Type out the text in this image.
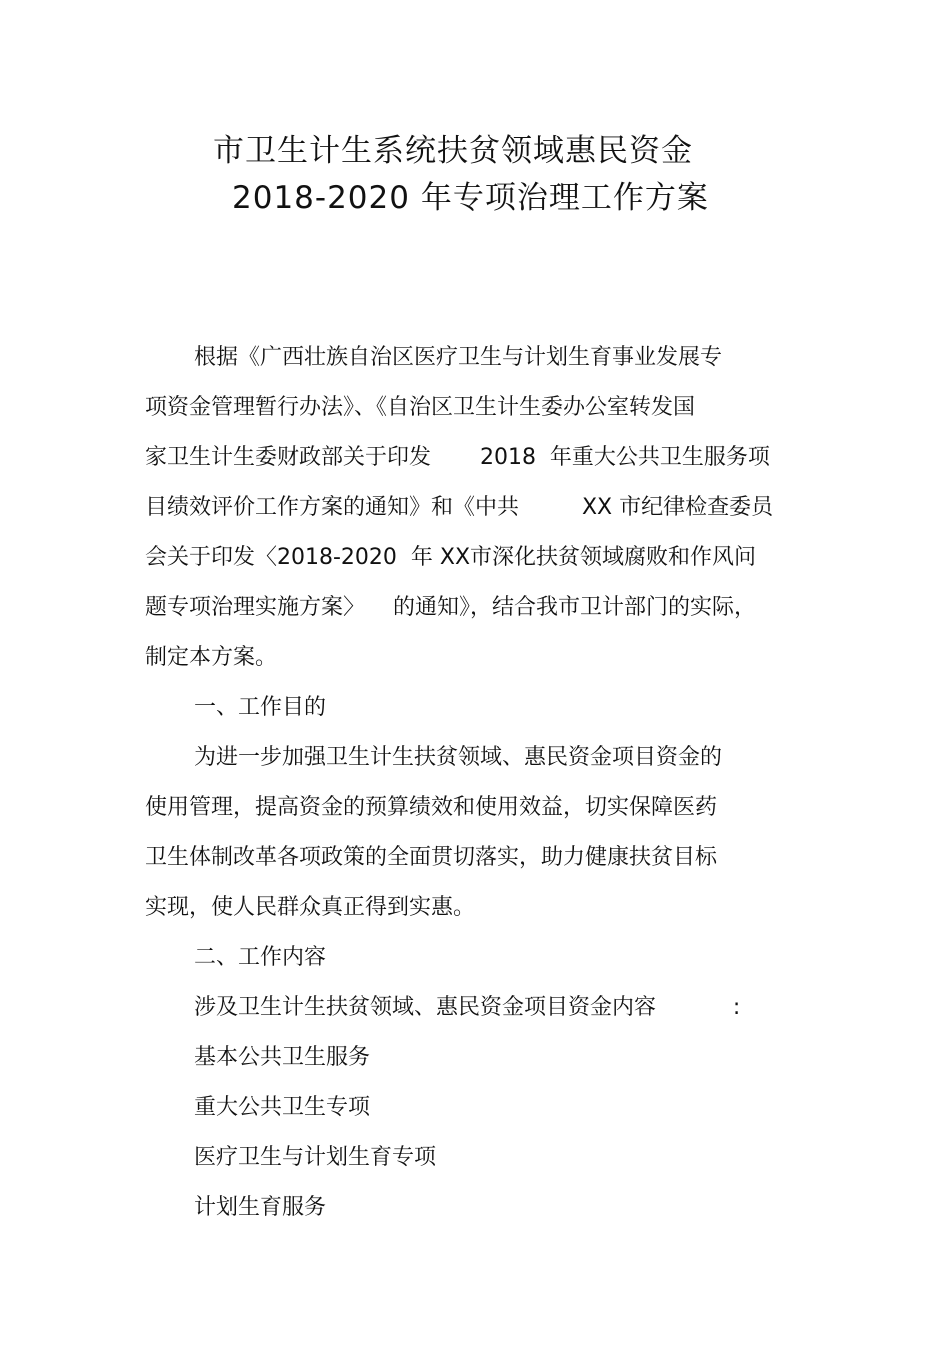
市卫生计生系统扶贫领域惠民资金
2018-2020 年专项治理工作方案
根据《广西壮族自治区医疗卫生与计划生育事业发展专
项资金管理暂行办法》、《自治区卫生计生委办公室转发国
家卫生计生委财政部关于印发       2018  年重大公共卫生服务项
目绩效评价工作方案的通知》和《中共         XX 市纪律检查委员
会关于印发〈2018-2020  年 XX市深化扶贫领域腐败和作风问
题专项治理实施方案〉    的通知》，结合我市卫计部门的实际，
制定本方案。
一、工作目的
为进一步加强卫生计生扶贫领域、惠民资金项目资金的
使用管理，提高资金的预算绩效和使用效益，切实保障医药
卫生体制改革各项政策的全面贯切落实，助力健康扶贫目标
实现，使人民群众真正得到实惠。
二、工作内容
涉及卫生计生扶贫领域、惠民资金项目资金内容           :
基本公共卫生服务
重大公共卫生专项
医疗卫生与计划生育专项
计划生育服务
